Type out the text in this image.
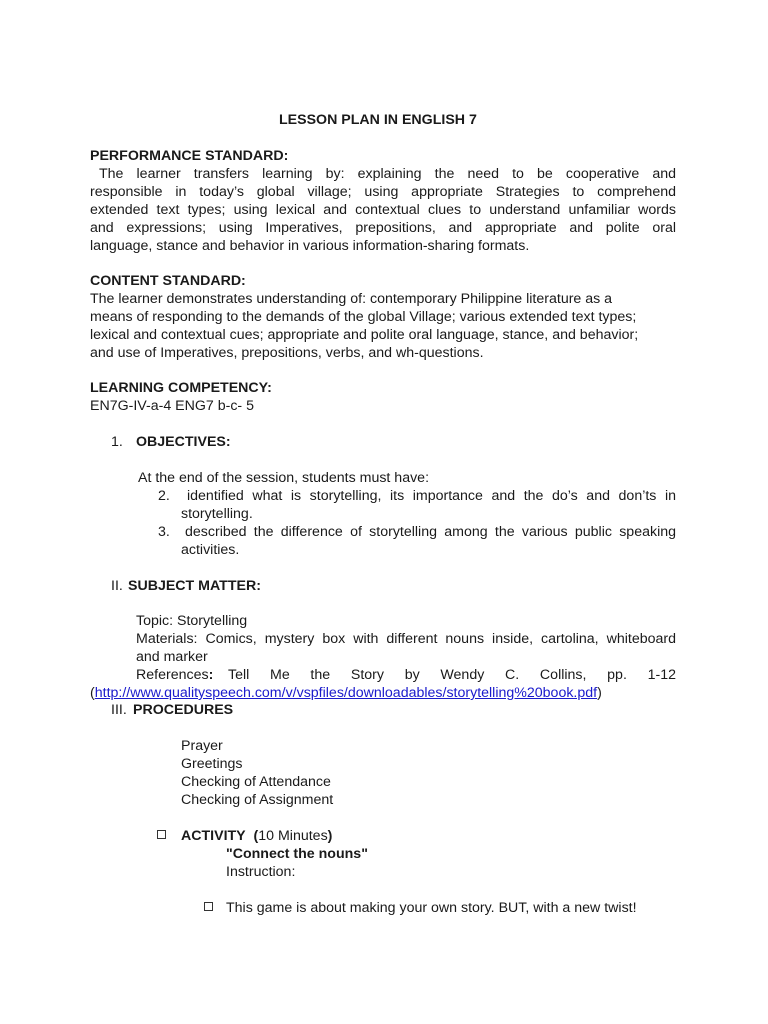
LESSON PLAN IN ENGLISH 7
PERFORMANCE STANDARD:
The learner transfers learning by: explaining the need to be cooperative and
responsible in today’s global village; using appropriate Strategies to comprehend
extended text types; using lexical and contextual clues to understand unfamiliar words
and expressions; using Imperatives, prepositions, and appropriate and polite oral
language, stance and behavior in various information-sharing formats.
CONTENT STANDARD:
The learner demonstrates understanding of: contemporary Philippine literature as a
means of responding to the demands of the global Village; various extended text types;
lexical and contextual cues; appropriate and polite oral language, stance, and behavior;
and use of Imperatives, prepositions, verbs, and wh-questions.
LEARNING COMPETENCY:
EN7G-IV-a-4 ENG7 b-c- 5
1. OBJECTIVES:
At the end of the session, students must have:
2.	identified what is storytelling, its importance and the do’s and don’ts in
storytelling.
3. described the difference of storytelling among the various public speaking
activities.
II. SUBJECT MATTER:
Topic: Storytelling
Materials: Comics, mystery box with different nouns inside, cartolina, whiteboard
and marker
References: Tell Me the Story by Wendy C. Collins, pp. 1-12
(http://www.qualityspeech.com/v/vspfiles/downloadables/storytelling%20book.pdf)
III. PROCEDURES
Prayer
Greetings
Checking of Attendance
Checking of Assignment
ACTIVITY (10 Minutes)
"Connect the nouns"
Instruction:
This game is about making your own story. BUT, with a new twist!
